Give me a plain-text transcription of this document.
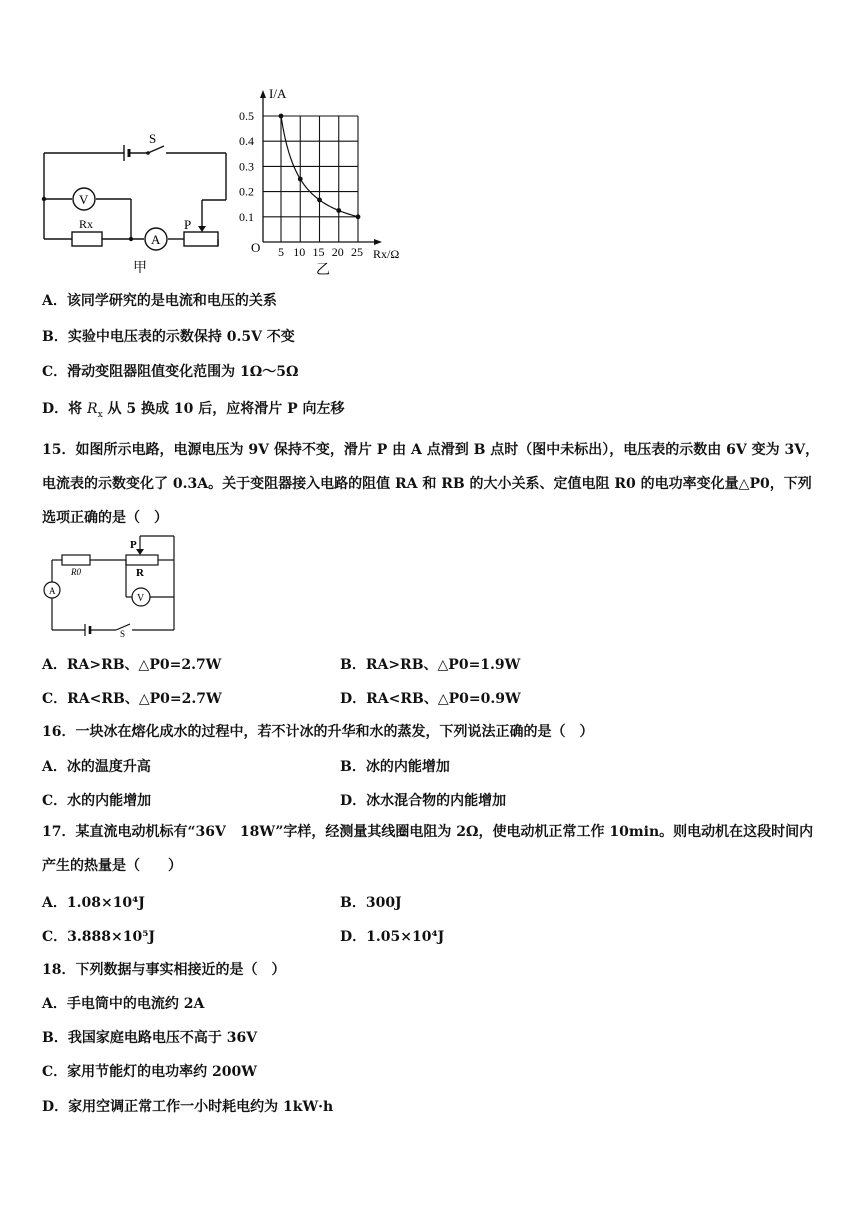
S
V
A
Rx	P
甲
0.5
0.4
0.3
0.2
0.1
5 10 15 20 25
I/A
Rx/Ω
O
乙
A．该同学研究的是电流和电压的关系
B．实验中电压表的示数保持 0.5V 不变
C．滑动变阻器阻值变化范围为 1Ω～5Ω
D．将 $R_x$ 从 5 换成 10 后，应将滑片 P 向左移
15．如图所示电路，电源电压为 9V 保持不变，滑片 P 由 A 点滑到 B 点时（图中未标出），电压表的示数由 6V 变为 3V，电流表的示数变化了 0.3A。关于变阻器接入电路的阻值 RA 和 RB 的大小关系、定值电阻 R0 的电功率变化量△P0，下列选项正确的是（　）
R0
P
R
A
V
S
A．RA>RB、△P0=2.7W	B．RA>RB、△P0=1.9W
C．RA<RB、△P0=2.7W	D．RA<RB、△P0=0.9W
16．一块冰在熔化成水的过程中，若不计冰的升华和水的蒸发，下列说法正确的是（　）
A．冰的温度升高	B．冰的内能增加
C．水的内能增加	D．冰水混合物的内能增加
17．某直流电动机标有“36V　18W”字样，经测量其线圈电阻为 2Ω，使电动机正常工作 10min。则电动机在这段时间内产生的热量是（　　）
A．1.08×10⁴J	B．300J
C．3.888×10⁵J	D．1.05×10⁴J
18．下列数据与事实相接近的是（　）
A．手电筒中的电流约 2A
B．我国家庭电路电压不高于 36V
C．家用节能灯的电功率约 200W
D．家用空调正常工作一小时耗电约为 1kW·h
